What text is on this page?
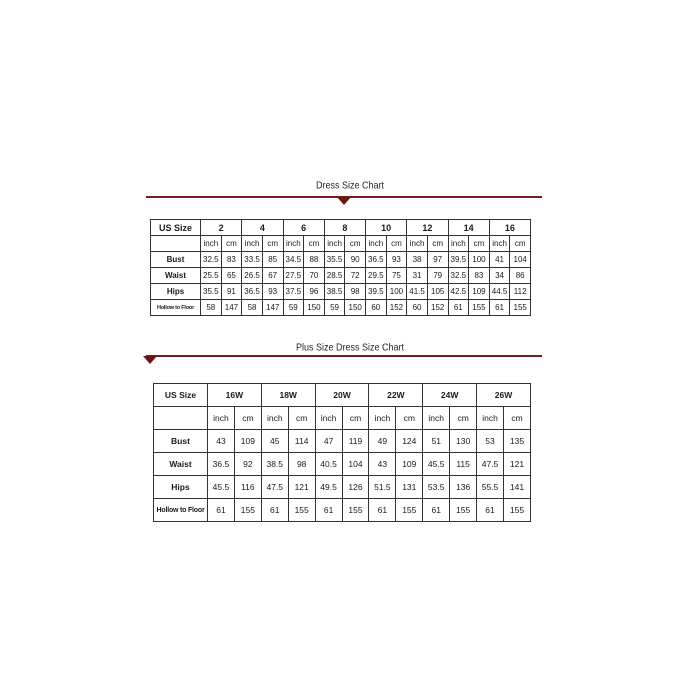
Dress Size Chart
US Size	2		4		6		8		10		12		14		16	
	inch	cm	inch	cm	inch	cm	inch	cm	inch	cm	inch	cm	inch	cm	inch	cm
Bust	32.5	83	33.5	85	34.5	88	35.5	90	36.5	93	38	97	39.5	100	41	104
Waist	25.5	65	26.5	67	27.5	70	28.5	72	29.5	75	31	79	32.5	83	34	86
Hips	35.5	91	36.5	93	37.5	96	38.5	98	39.5	100	41.5	105	42.5	109	44.5	112
Hollow to Floor	58	147	58	147	59	150	59	150	60	152	60	152	61	155	61	155
Plus Size Dress Size Chart
US Size	16W		18W		20W		22W		24W		26W	
	inch	cm	inch	cm	inch	cm	inch	cm	inch	cm	inch	cm
Bust	43	109	45	114	47	119	49	124	51	130	53	135
Waist	36.5	92	38.5	98	40.5	104	43	109	45.5	115	47.5	121
Hips	45.5	116	47.5	121	49.5	126	51.5	131	53.5	136	55.5	141
Hollow to Floor	61	155	61	155	61	155	61	155	61	155	61	155
